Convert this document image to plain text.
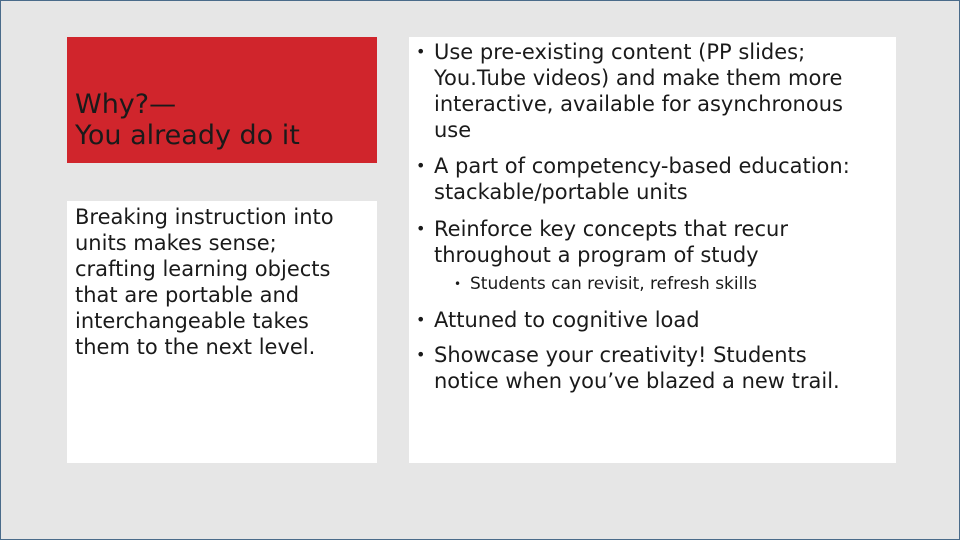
Why?—
You already do it
Breaking instruction into
units makes sense;
crafting learning objects
that are portable and
interchangeable takes
them to the next level.
• Use pre-existing content (PP slides;
You.Tube videos) and make them more
interactive, available for asynchronous
use
• A part of competency-based education:
stackable/portable units
• Reinforce key concepts that recur
throughout a program of study
• Students can revisit, refresh skills
• Attuned to cognitive load
• Showcase your creativity! Students
notice when you’ve blazed a new trail.
